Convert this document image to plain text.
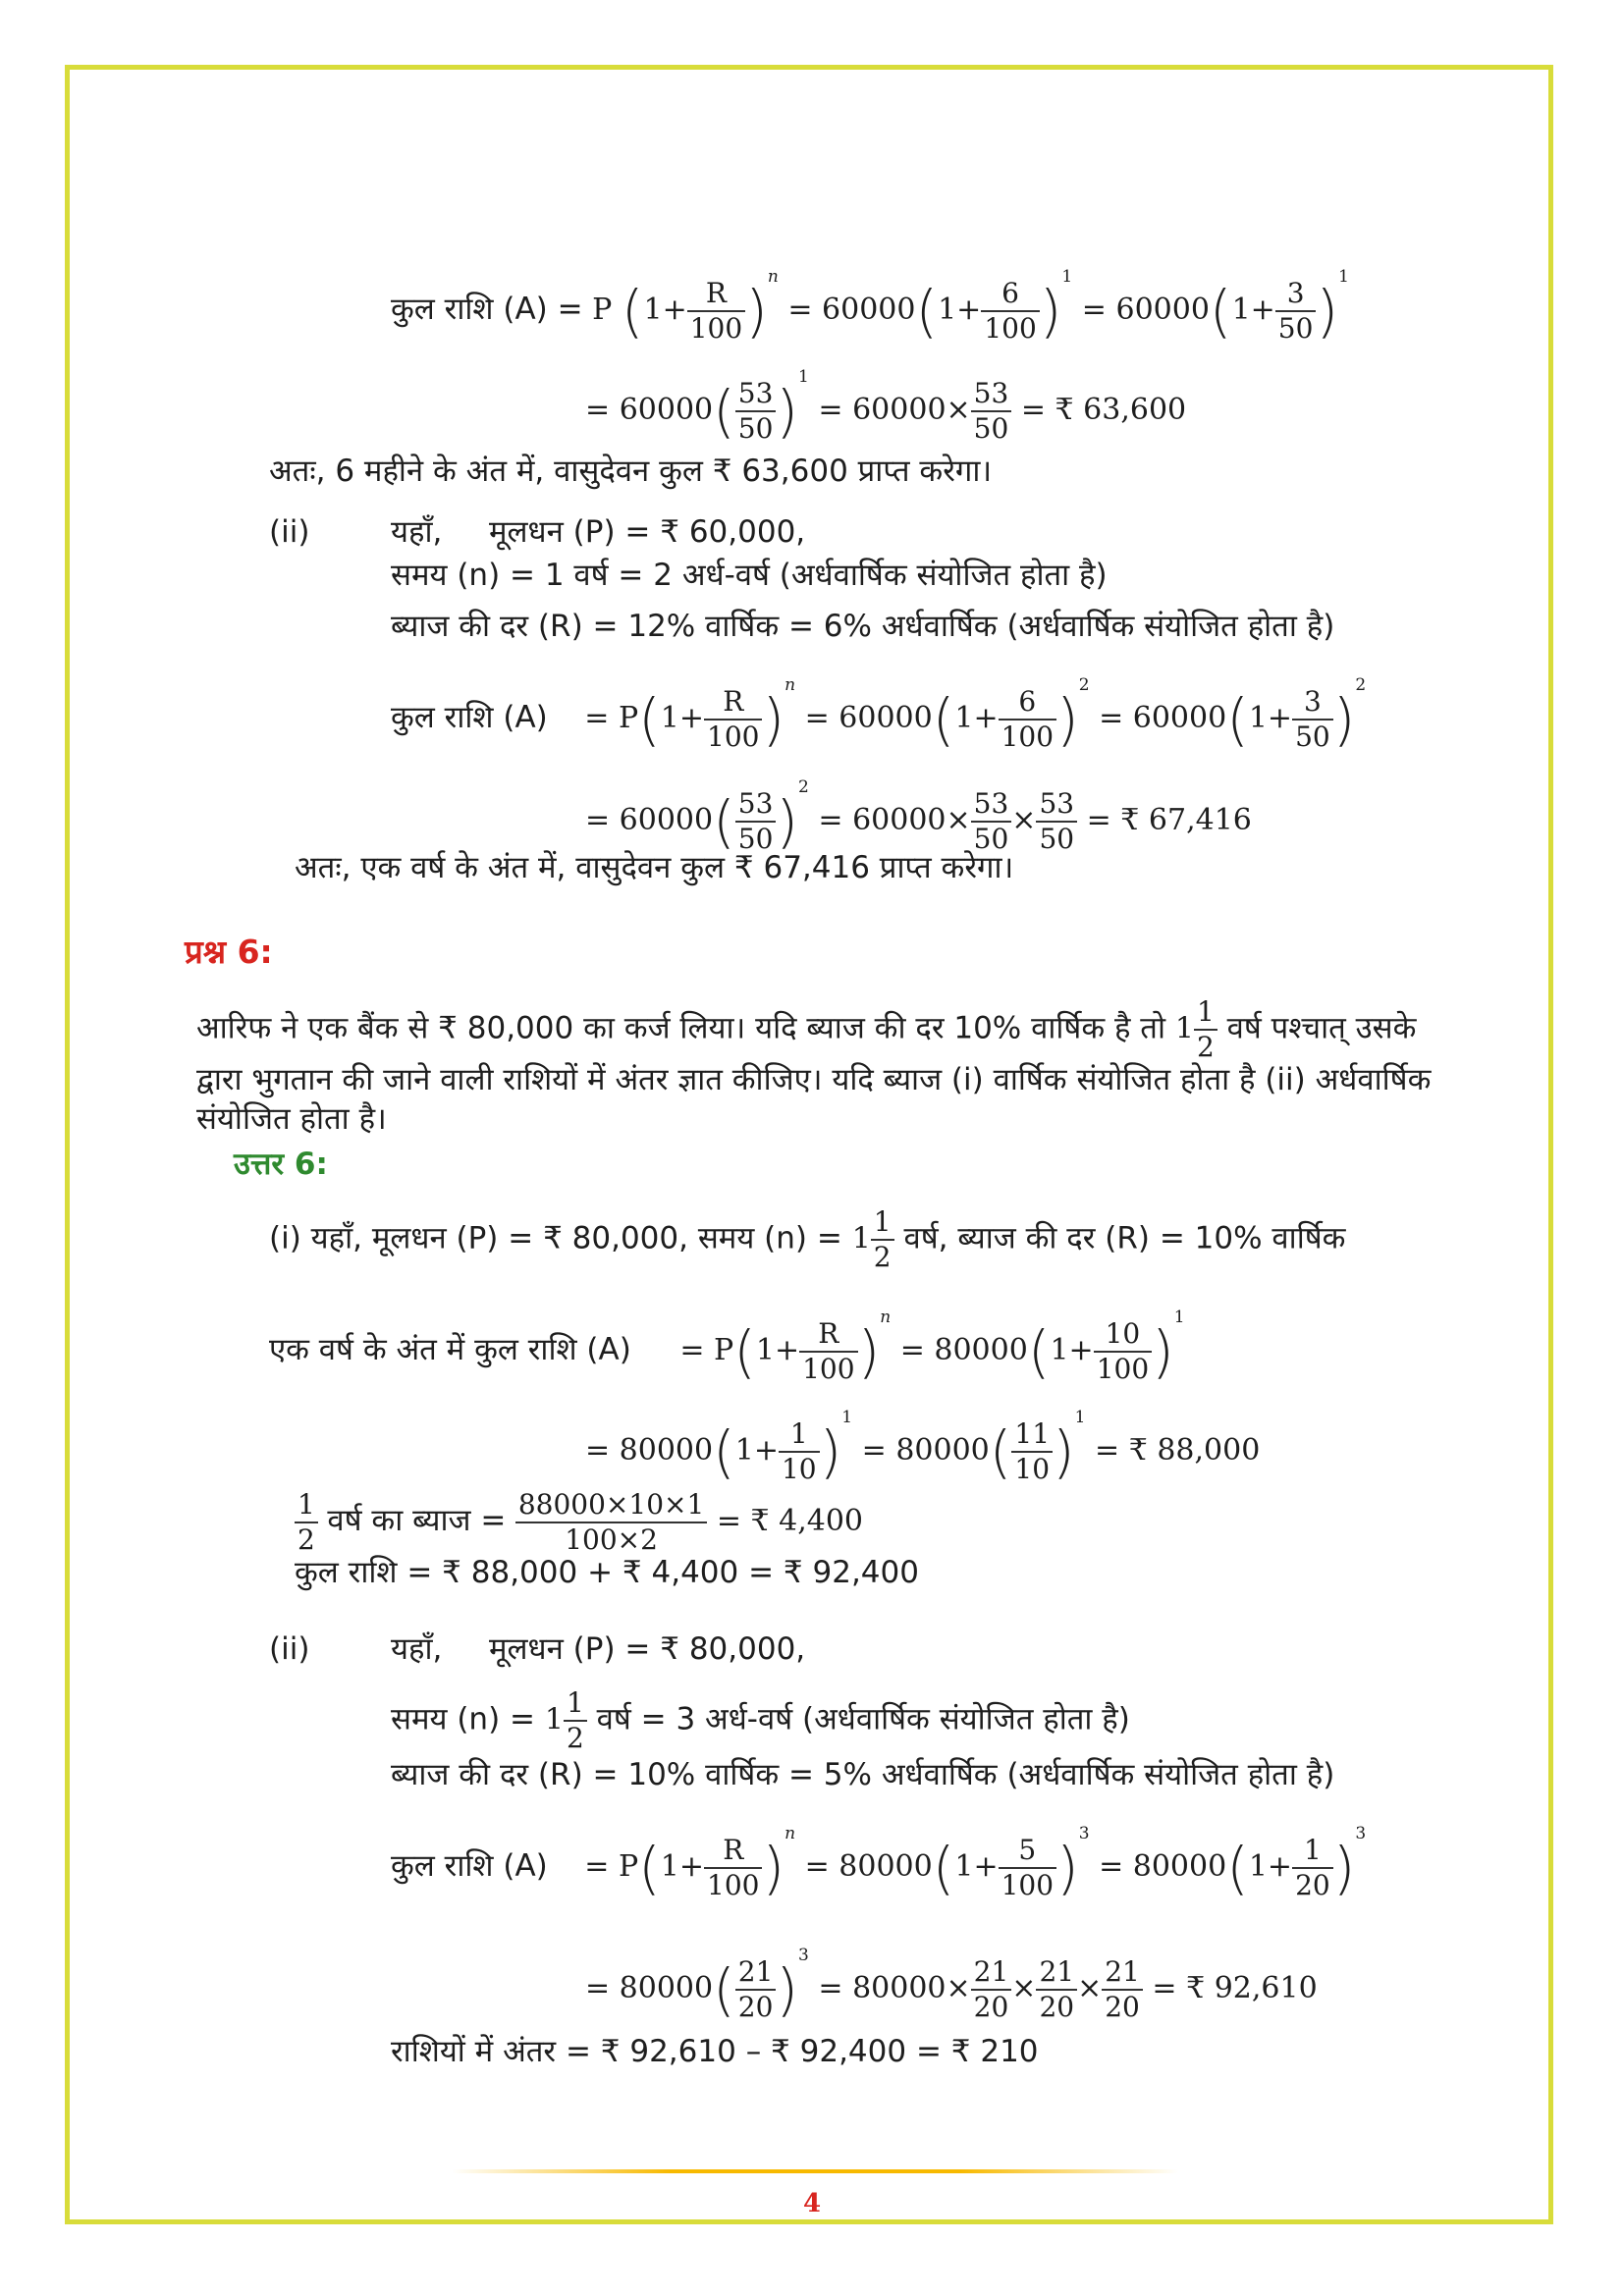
कुल राशि (A) = P $(1+ \frac{R}{100} )^n = 60000(1+ \frac{6}{100} )^1 = 60000(1+ \frac{3}{50} )^1$
= $60000( \frac{53}{50} )^1 = 60000\times \frac{53}{50}$ = ₹ 63,600
अतः, 6 महीने के अंत में, वासुदेवन कुल ₹ 63,600 प्राप्त करेगा।
(ii)	यहाँ, मूलधन (P) = ₹ 60,000,
समय (n) = 1 वर्ष = 2 अर्ध-वर्ष (अर्धवार्षिक संयोजित होता है)
ब्याज की दर (R) = 12% वार्षिक = 6% अर्धवार्षिक (अर्धवार्षिक संयोजित होता है)
कुल राशि $(A) = P(1+ \frac{R}{100} )^n = 60000(1+ \frac{6}{100} )^2 = 60000(1+ \frac{3}{50} )^2$
= $60000( \frac{53}{50} )^2 = 60000\times \frac{53}{50} \times \frac{53}{50}$ = ₹ 67,416
अतः, एक वर्ष के अंत में, वासुदेवन कुल ₹ 67,416 प्राप्त करेगा।
प्रश्न 6:
आरिफ ने एक बैंक से ₹ 80,000 का कर्ज लिया। यदि ब्याज की दर 10% वार्षिक है तो $1 \frac{1}{2}$ वर्ष पश्चात् उसके
द्वारा भुगतान की जाने वाली राशियों में अंतर ज्ञात कीजिए। यदि ब्याज (i) वार्षिक संयोजित होता है (ii) अर्धवार्षिक
संयोजित होता है।
उत्तर 6:
(i) यहाँ, मूलधन (P) = ₹ 80,000, समय $(n) = 1 \frac{1}{2}$ वर्ष, ब्याज की दर (R) = 10% वार्षिक
एक वर्ष के अंत में कुल राशि $(A) = P(1+ \frac{R}{100} )^n = 80000(1+ \frac{10}{100} )^1$
= $80000(1+ \frac{1}{10} )^1 = 80000( \frac{11}{10} )^1$ = ₹ 88,000
$\frac{1}{2}$ वर्ष का ब्याज = $\frac{88000\times 10\times 1}{100\times 2}$ = ₹ 4,400
कुल राशि = ₹ 88,000 + ₹ 4,400 = ₹ 92,400
(ii)	यहाँ, मूलधन (P) = ₹ 80,000,
समय $(n) = 1 \frac{1}{2}$ वर्ष = 3 अर्ध-वर्ष (अर्धवार्षिक संयोजित होता है)
ब्याज की दर (R) = 10% वार्षिक = 5% अर्धवार्षिक (अर्धवार्षिक संयोजित होता है)
कुल राशि $(A) = P(1+ \frac{R}{100} )^n = 80000(1+ \frac{5}{100} )^3 = 80000(1+ \frac{1}{20} )^3$
= $80000( \frac{21}{20} )^3 = 80000\times \frac{21}{20} \times \frac{21}{20} \times \frac{21}{20}$ = ₹ 92,610
राशियों में अंतर = ₹ 92,610 – ₹ 92,400 = ₹ 210
4
